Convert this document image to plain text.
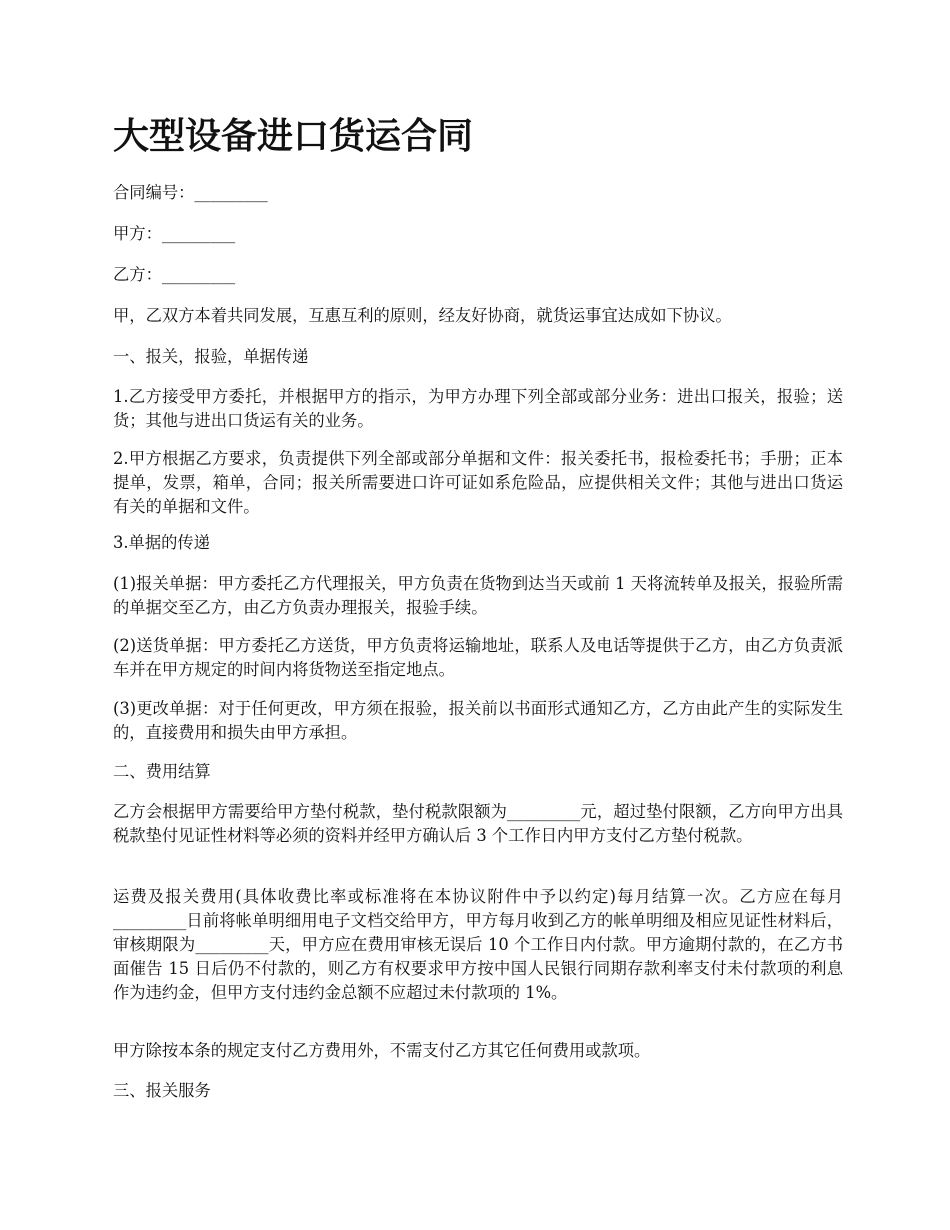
大型设备进口货运合同

合同编号：_________

甲方：_________

乙方：_________

甲，乙双方本着共同发展，互惠互利的原则，经友好协商，就货运事宜达成如下协议。

一、报关，报验，单据传递

1.乙方接受甲方委托，并根据甲方的指示，为甲方办理下列全部或部分业务：进出口报关，报验；送货；其他与进出口货运有关的业务。

2.甲方根据乙方要求，负责提供下列全部或部分单据和文件：报关委托书，报检委托书；手册；正本提单，发票，箱单，合同；报关所需要进口许可证如系危险品，应提供相关文件；其他与进出口货运有关的单据和文件。

3.单据的传递

(1)报关单据：甲方委托乙方代理报关，甲方负责在货物到达当天或前 1 天将流转单及报关，报验所需的单据交至乙方，由乙方负责办理报关，报验手续。

(2)送货单据：甲方委托乙方送货，甲方负责将运输地址，联系人及电话等提供于乙方，由乙方负责派车并在甲方规定的时间内将货物送至指定地点。

(3)更改单据：对于任何更改，甲方须在报验，报关前以书面形式通知乙方，乙方由此产生的实际发生的，直接费用和损失由甲方承担。

二、费用结算

乙方会根据甲方需要给甲方垫付税款，垫付税款限额为_________元，超过垫付限额，乙方向甲方出具税款垫付见证性材料等必须的资料并经甲方确认后 3 个工作日内甲方支付乙方垫付税款。

运费及报关费用(具体收费比率或标准将在本协议附件中予以约定)每月结算一次。乙方应在每月_________日前将帐单明细用电子文档交给甲方，甲方每月收到乙方的帐单明细及相应见证性材料后，审核期限为_________天，甲方应在费用审核无误后 10 个工作日内付款。甲方逾期付款的，在乙方书面催告 15 日后仍不付款的，则乙方有权要求甲方按中国人民银行同期存款利率支付未付款项的利息作为违约金，但甲方支付违约金总额不应超过未付款项的 1%。

甲方除按本条的规定支付乙方费用外，不需支付乙方其它任何费用或款项。

三、报关服务
